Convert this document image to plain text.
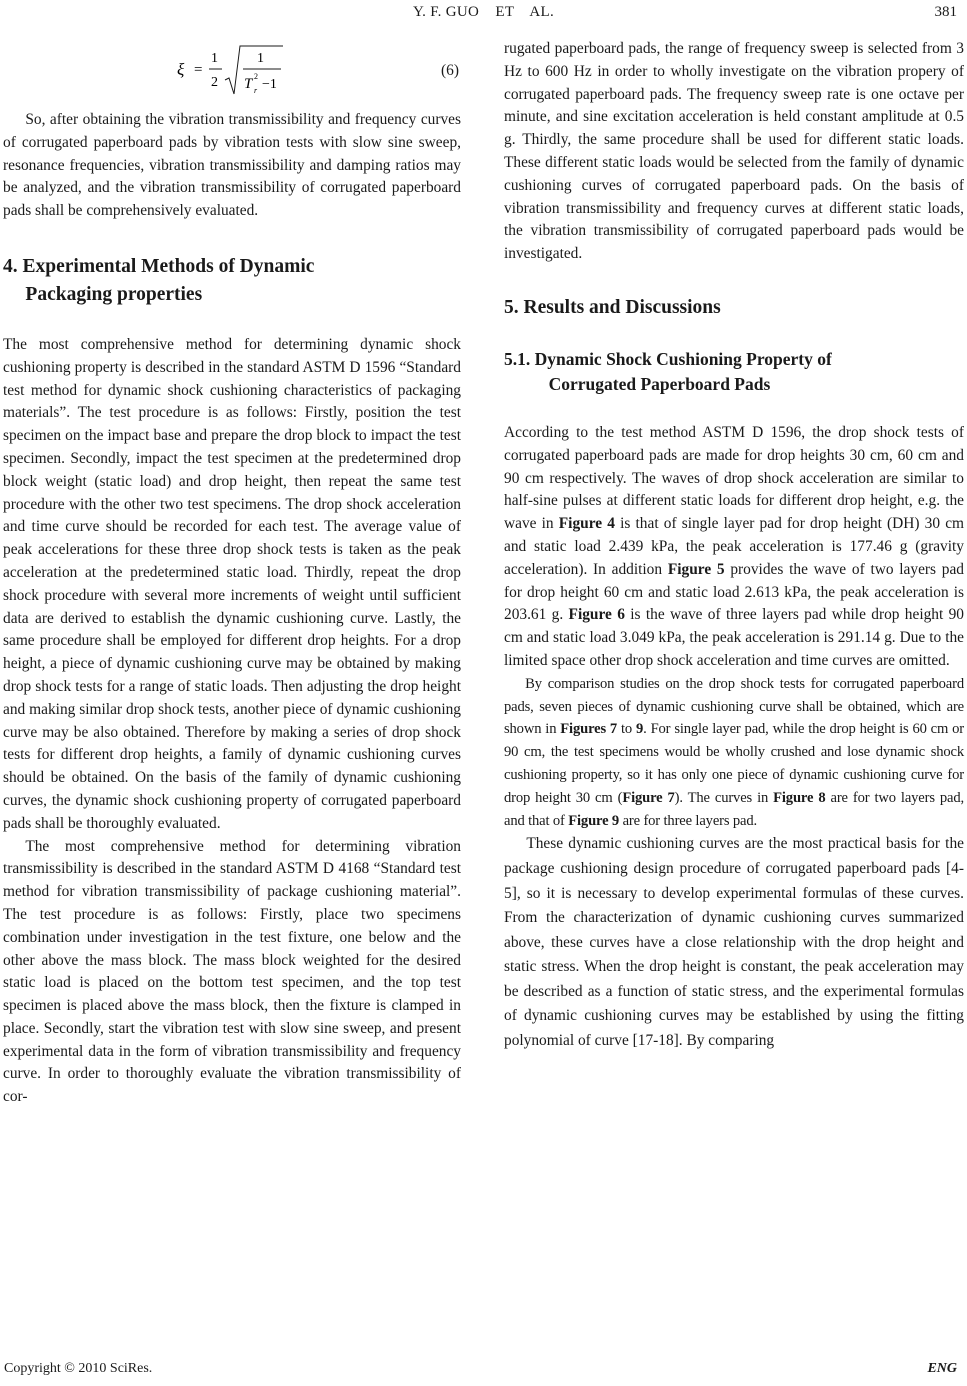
Y. F. GUO    ET    AL.	381
ξ =
1
2
1
T 2
r −1
(6)

So, after obtaining the vibration transmissibility and frequency curves of corrugated paperboard pads by vibration tests with slow sine sweep, resonance frequencies, vibration transmissibility and damping ratios may be analyzed, and the vibration transmissibility of corrugated paperboard pads shall be comprehensively evaluated.

4. Experimental Methods of Dynamic
Packaging properties

The most comprehensive method for determining dynamic shock cushioning property is described in the standard ASTM D 1596 “Standard test method for dynamic shock cushioning characteristics of packaging materials”. The test procedure is as follows: Firstly, position the test specimen on the impact base and prepare the drop block to impact the test specimen. Secondly, impact the test specimen at the predetermined drop block weight (static load) and drop height, then repeat the same test procedure with the other two test specimens. The drop shock acceleration and time curve should be recorded for each test. The average value of peak accelerations for these three drop shock tests is taken as the peak acceleration at the predetermined static load. Thirdly, repeat the drop shock procedure with several more increments of weight until sufficient data are derived to establish the dynamic cushioning curve. Lastly, the same procedure shall be employed for different drop heights. For a drop height, a piece of dynamic cushioning curve may be obtained by making drop shock tests for a range of static loads. Then adjusting the drop height and making similar drop shock tests, another piece of dynamic cushioning curve may be also obtained. Therefore by making a series of drop shock tests for different drop heights, a family of dynamic cushioning curves should be obtained. On the basis of the family of dynamic cushioning curves, the dynamic shock cushioning property of corrugated paperboard pads shall be thoroughly evaluated.

The most comprehensive method for determining vibration transmissibility is described in the standard ASTM D 4168 “Standard test method for vibration transmissibility of package cushioning material”. The test procedure is as follows: Firstly, place two specimens combination under investigation in the test fixture, one below and the other above the mass block. The mass block weighted for the desired static load is placed on the bottom test specimen, and the top test specimen is placed above the mass block, then the fixture is clamped in place. Secondly, start the vibration test with slow sine sweep, and present experimental data in the form of vibration transmissibility and frequency curve. In order to thoroughly evaluate the vibration transmissibility of cor-

rugated paperboard pads, the range of frequency sweep is selected from 3 Hz to 600 Hz in order to wholly investigate on the vibration propery of corrugated paperboard pads. The frequency sweep rate is one octave per minute, and sine excitation acceleration is held constant amplitude at 0.5 g. Thirdly, the same procedure shall be used for different static loads. These different static loads would be selected from the family of dynamic cushioning curves of corrugated paperboard pads. On the basis of vibration transmissibility and frequency curves at different static loads, the vibration transmissibility of corrugated paperboard pads would be investigated.

5. Results and Discussions
5.1. Dynamic Shock Cushioning Property of
Corrugated Paperboard Pads

According to the test method ASTM D 1596, the drop shock tests of corrugated paperboard pads are made for drop heights 30 cm, 60 cm and 90 cm respectively. The waves of drop shock acceleration are similar to half-sine pulses at different static loads for different drop height, e.g. the wave in Figure 4 is that of single layer pad for drop height (DH) 30 cm and static load 2.439 kPa, the peak acceleration is 177.46 g (gravity acceleration). In addition Figure 5 provides the wave of two layers pad for drop height 60 cm and static load 2.613 kPa, the peak acceleration is 203.61 g. Figure 6 is the wave of three layers pad while drop height 90 cm and static load 3.049 kPa, the peak acceleration is 291.14 g. Due to the limited space other drop shock acceleration and time curves are omitted.

By comparison studies on the drop shock tests for corrugated paperboard pads, seven pieces of dynamic cushioning curve shall be obtained, which are shown in Figures 7 to 9. For single layer pad, while the drop height is 60 cm or 90 cm, the test specimens would be wholly crushed and lose dynamic shock cushioning property, so it has only one piece of dynamic cushioning curve for drop height 30 cm (Figure 7). The curves in Figure 8 are for two layers pad, and that of Figure 9 are for three layers pad.

These dynamic cushioning curves are the most practical basis for the package cushioning design procedure of corrugated paperboard pads [4-5], so it is necessary to develop experimental formulas of these curves. From the characterization of dynamic cushioning curves summarized above, these curves have a close relationship with the drop height and static stress. When the drop height is constant, the peak acceleration may be described as a function of static stress, and the experimental formulas of dynamic cushioning curves may be established by using the fitting polynomial of curve [17-18]. By comparing

Copyright © 2010 SciRes.	ENG
